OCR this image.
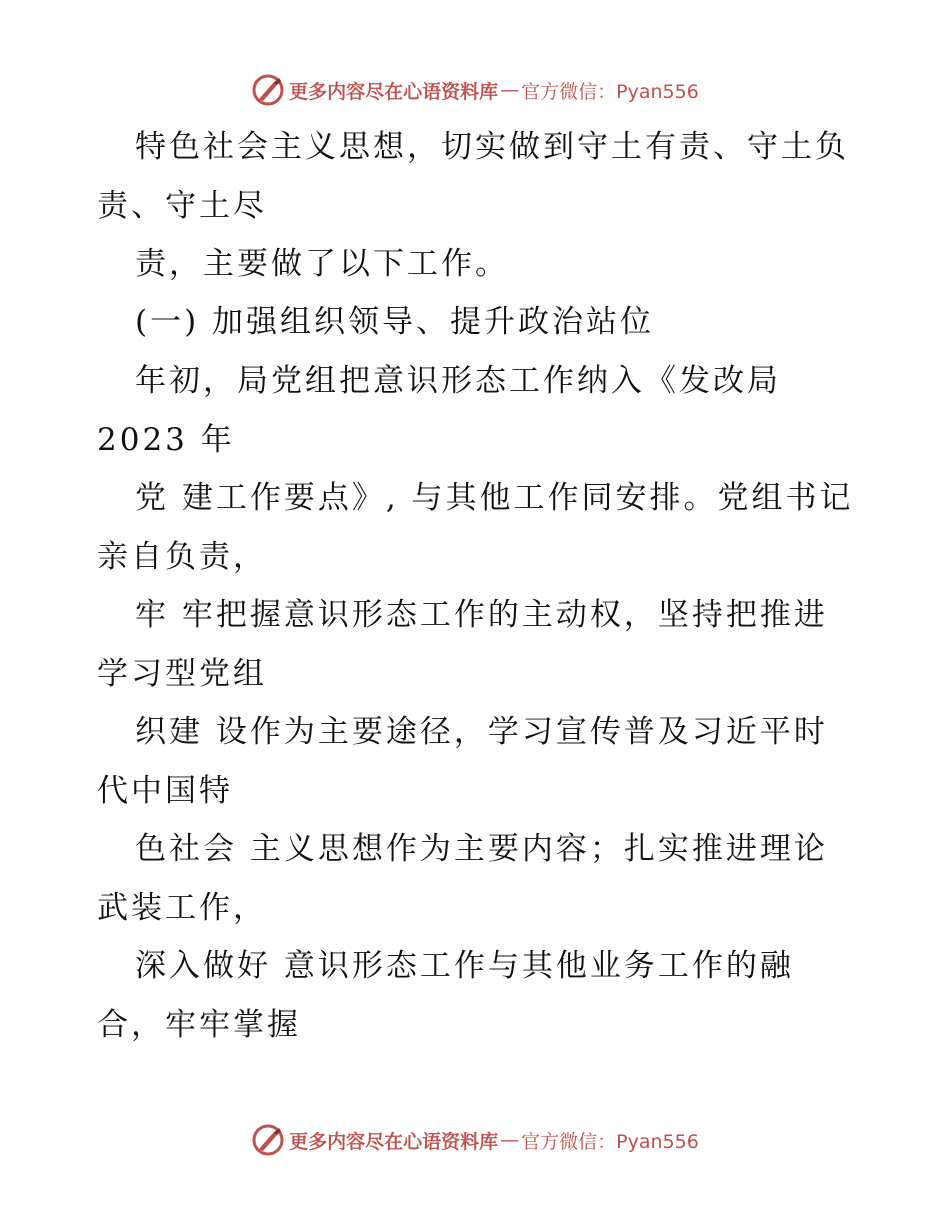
更多内容尽在心语资料库 — 官方微信：Pyan556
特色社会主义思想，切实做到守土有责、守土负
责、守土尽
责，主要做了以下工作。
(一) 加强组织领导、提升政治站位
年初，局党组把意识形态工作纳入《发改局
2023 年
党 建工作要点》, 与其他工作同安排。党组书记
亲自负责，
牢 牢把握意识形态工作的主动权，坚持把推进
学习型党组
织建 设作为主要途径，学习宣传普及习近平时
代中国特
色社会 主义思想作为主要内容；扎实推进理论
武装工作，
深入做好 意识形态工作与其他业务工作的融
合，牢牢掌握
更多内容尽在心语资料库 — 官方微信：Pyan556
